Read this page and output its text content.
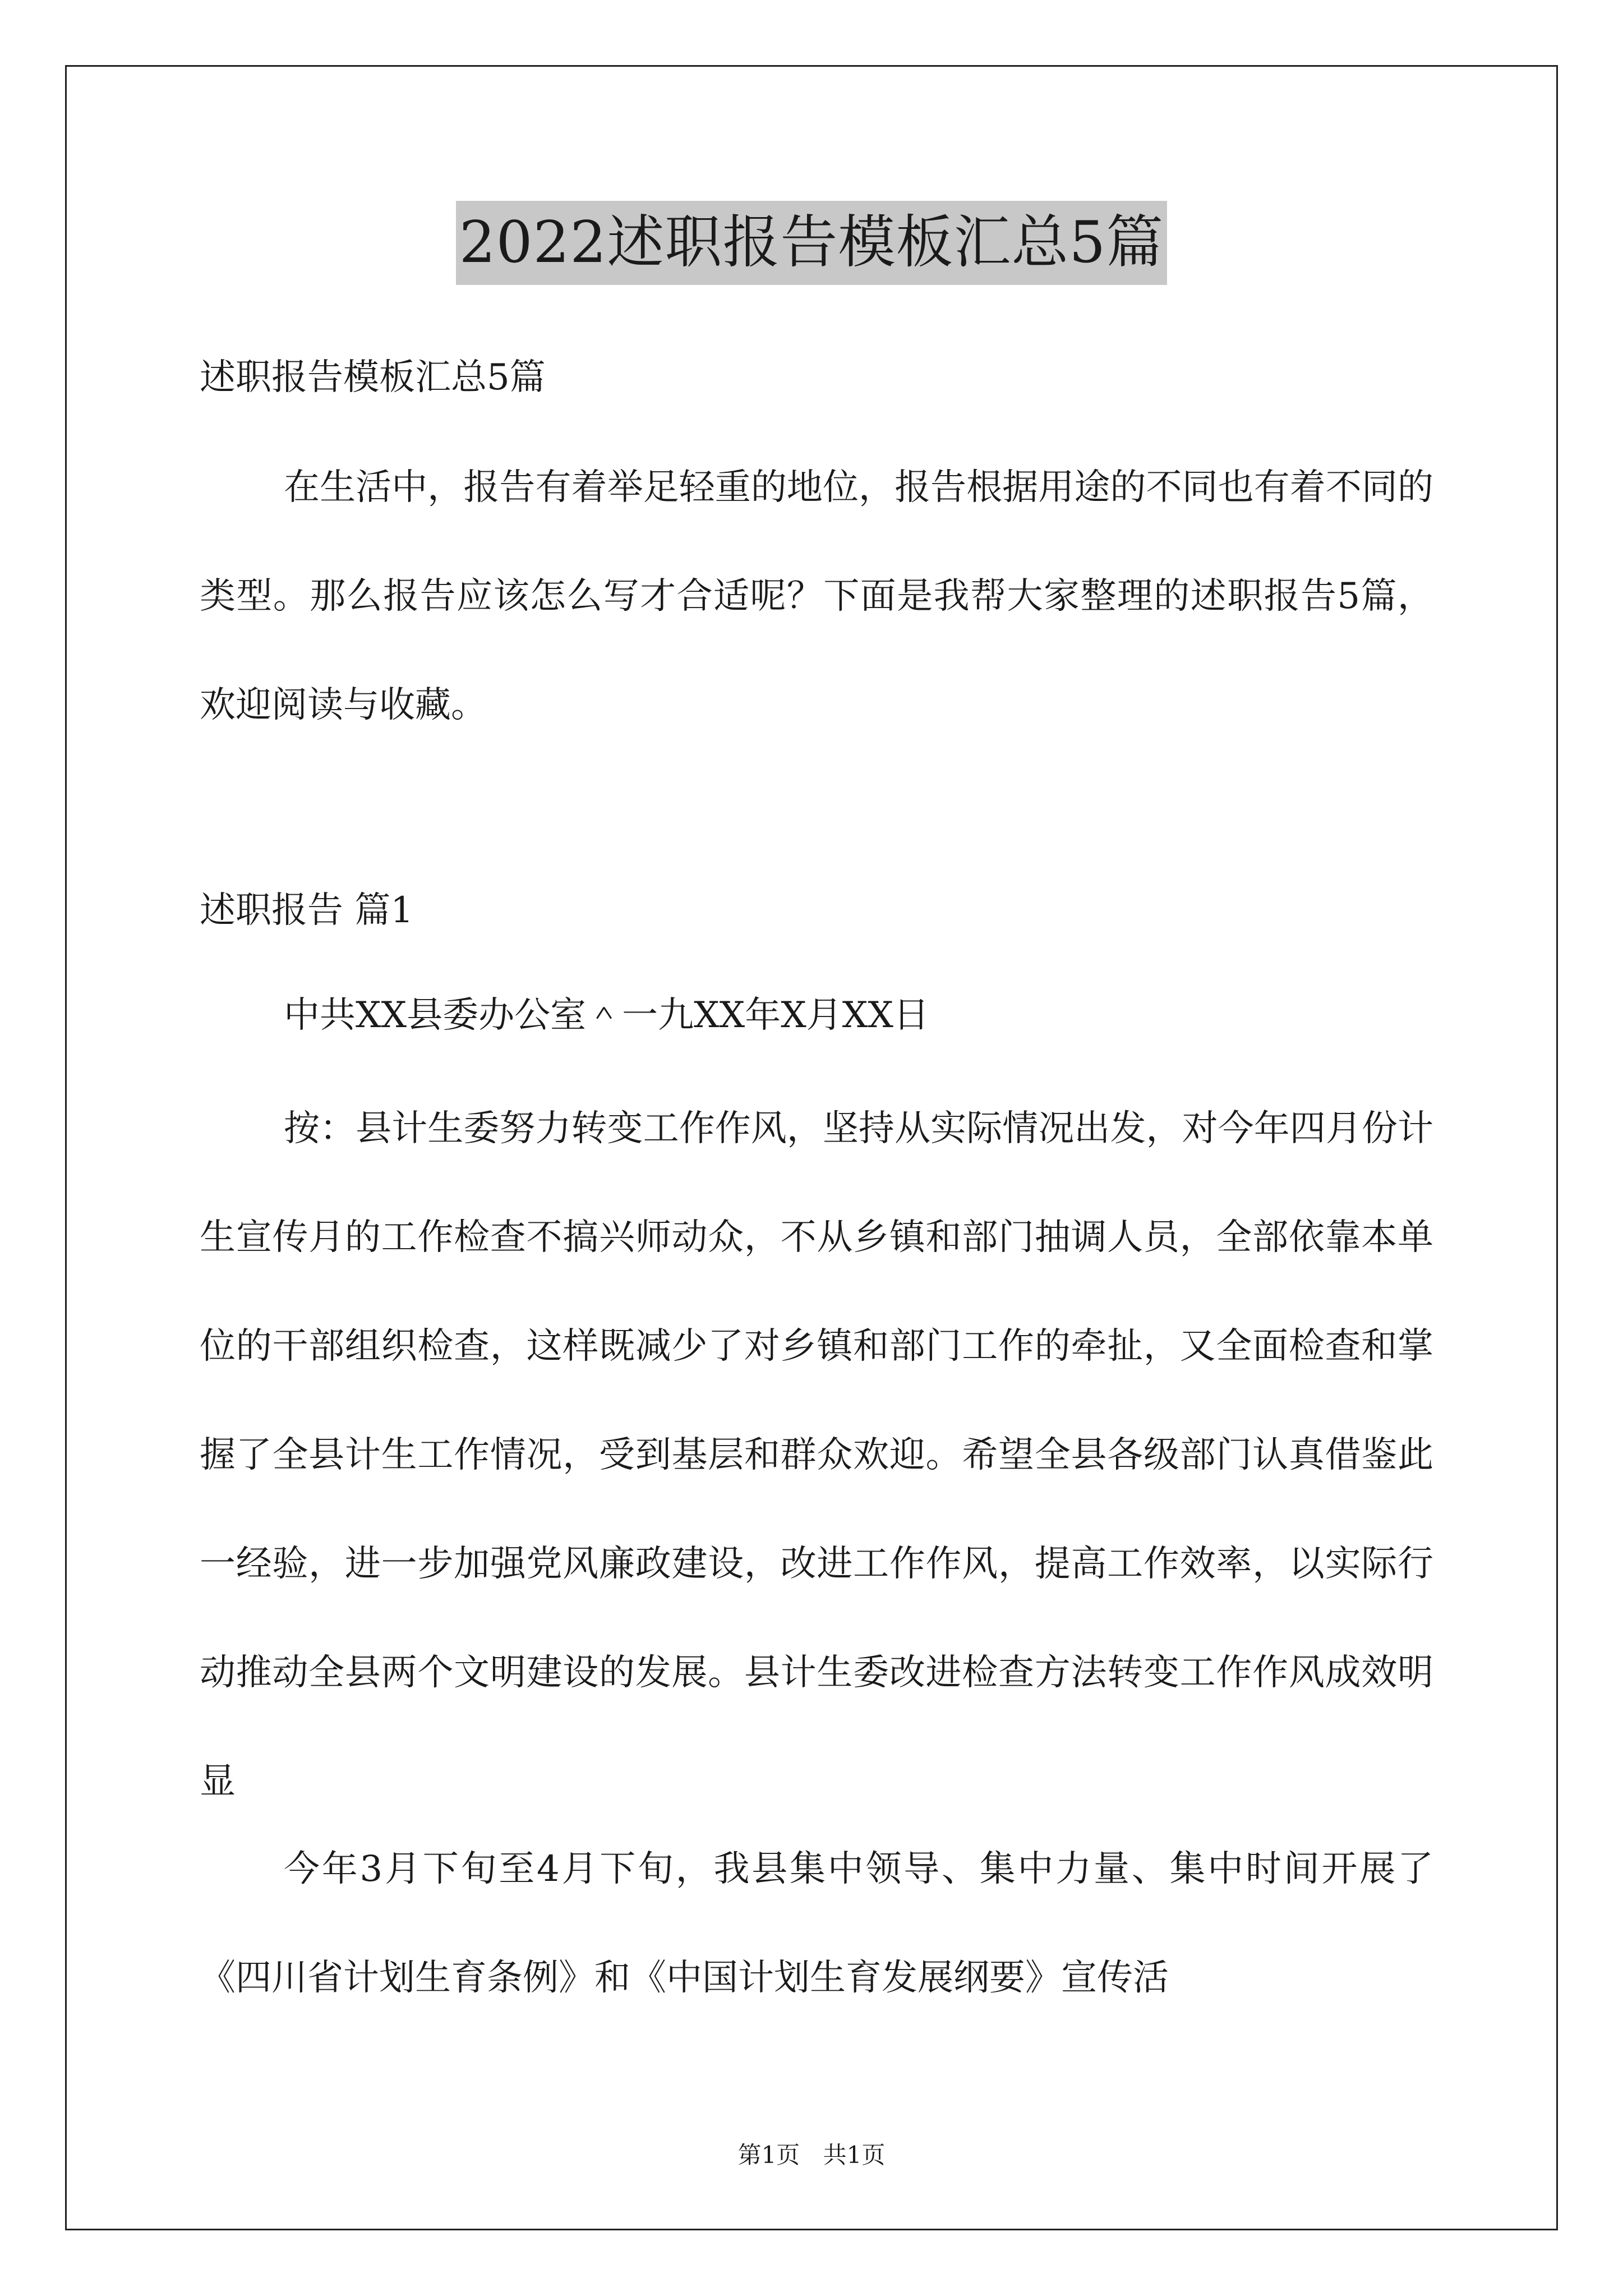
2022述职报告模板汇总5篇
述职报告模板汇总5篇
在生活中，报告有着举足轻重的地位，报告根据用途的不同也有着不同的类型。那么报告应该怎么写才合适呢？下面是我帮大家整理的述职报告5篇，欢迎阅读与收藏。
述职报告 篇1
中共XX县委办公室＾一九XX年X月XX日
按：县计生委努力转变工作作风，坚持从实际情况出发，对今年四月份计生宣传月的工作检查不搞兴师动众，不从乡镇和部门抽调人员，全部依靠本单位的干部组织检查，这样既减少了对乡镇和部门工作的牵扯，又全面检查和掌握了全县计生工作情况，受到基层和群众欢迎。希望全县各级部门认真借鉴此一经验，进一步加强党风廉政建设，改进工作作风，提高工作效率，以实际行动推动全县两个文明建设的发展。县计生委改进检查方法转变工作作风成效明显
今年3月下旬至4月下旬，我县集中领导、集中力量、集中时间开展了《四川省计划生育条例》和《中国计划生育发展纲要》宣传活
第1页 共1页
